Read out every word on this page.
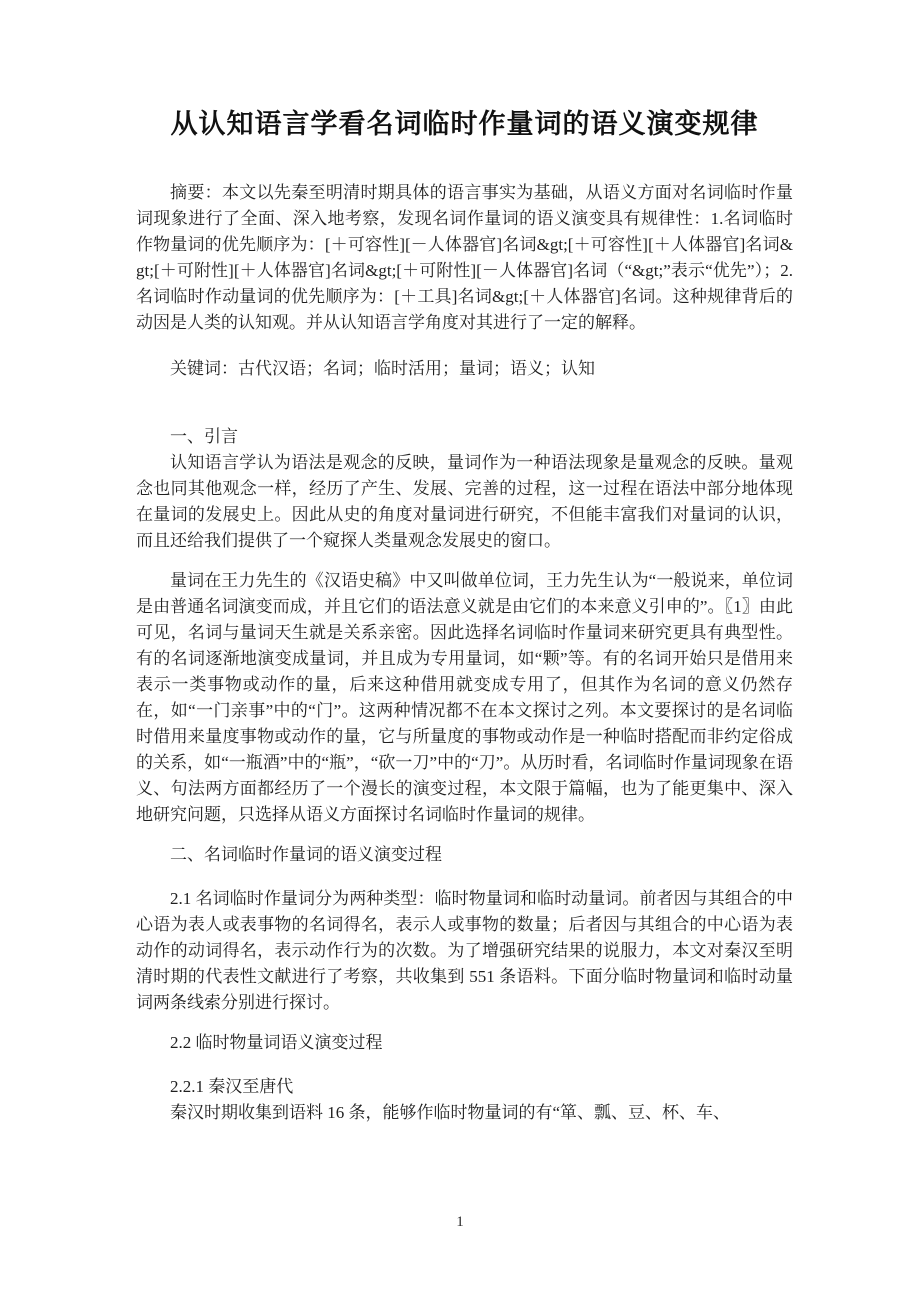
从认知语言学看名词临时作量词的语义演变规律

摘要：本文以先秦至明清时期具体的语言事实为基础，从语义方面对名词临时作量词现象进行了全面、深入地考察，发现名词作量词的语义演变具有规律性：1.名词临时作物量词的优先顺序为：[＋可容性][－人体器官]名词&gt;[＋可容性][＋人体器官]名词&gt;[＋可附性][＋人体器官]名词&gt;[＋可附性][－人体器官]名词（“&gt;”表示“优先”）；2.名词临时作动量词的优先顺序为：[＋工具]名词&gt;[＋人体器官]名词。这种规律背后的动因是人类的认知观。并从认知语言学角度对其进行了一定的解释。

关键词：古代汉语；名词；临时活用；量词；语义；认知

一、引言

认知语言学认为语法是观念的反映，量词作为一种语法现象是量观念的反映。量观念也同其他观念一样，经历了产生、发展、完善的过程，这一过程在语法中部分地体现在量词的发展史上。因此从史的角度对量词进行研究，不但能丰富我们对量词的认识，而且还给我们提供了一个窥探人类量观念发展史的窗口。

量词在王力先生的《汉语史稿》中又叫做单位词，王力先生认为“一般说来，单位词是由普通名词演变而成，并且它们的语法意义就是由它们的本来意义引申的”。〖1〗由此可见，名词与量词天生就是关系亲密。因此选择名词临时作量词来研究更具有典型性。有的名词逐渐地演变成量词，并且成为专用量词，如“颗”等。有的名词开始只是借用来表示一类事物或动作的量，后来这种借用就变成专用了，但其作为名词的意义仍然存在，如“一门亲事”中的“门”。这两种情况都不在本文探讨之列。本文要探讨的是名词临时借用来量度事物或动作的量，它与所量度的事物或动作是一种临时搭配而非约定俗成的关系，如“一瓶酒”中的“瓶”，“砍一刀”中的“刀”。从历时看，名词临时作量词现象在语义、句法两方面都经历了一个漫长的演变过程，本文限于篇幅，也为了能更集中、深入地研究问题，只选择从语义方面探讨名词临时作量词的规律。

二、名词临时作量词的语义演变过程

2.1 名词临时作量词分为两种类型：临时物量词和临时动量词。前者因与其组合的中心语为表人或表事物的名词得名，表示人或事物的数量；后者因与其组合的中心语为表动作的动词得名，表示动作行为的次数。为了增强研究结果的说服力，本文对秦汉至明清时期的代表性文献进行了考察，共收集到 551 条语料。下面分临时物量词和临时动量词两条线索分别进行探讨。

2.2 临时物量词语义演变过程

2.2.1 秦汉至唐代

秦汉时期收集到语料 16 条，能够作临时物量词的有“箪、瓢、豆、杯、车、

1
